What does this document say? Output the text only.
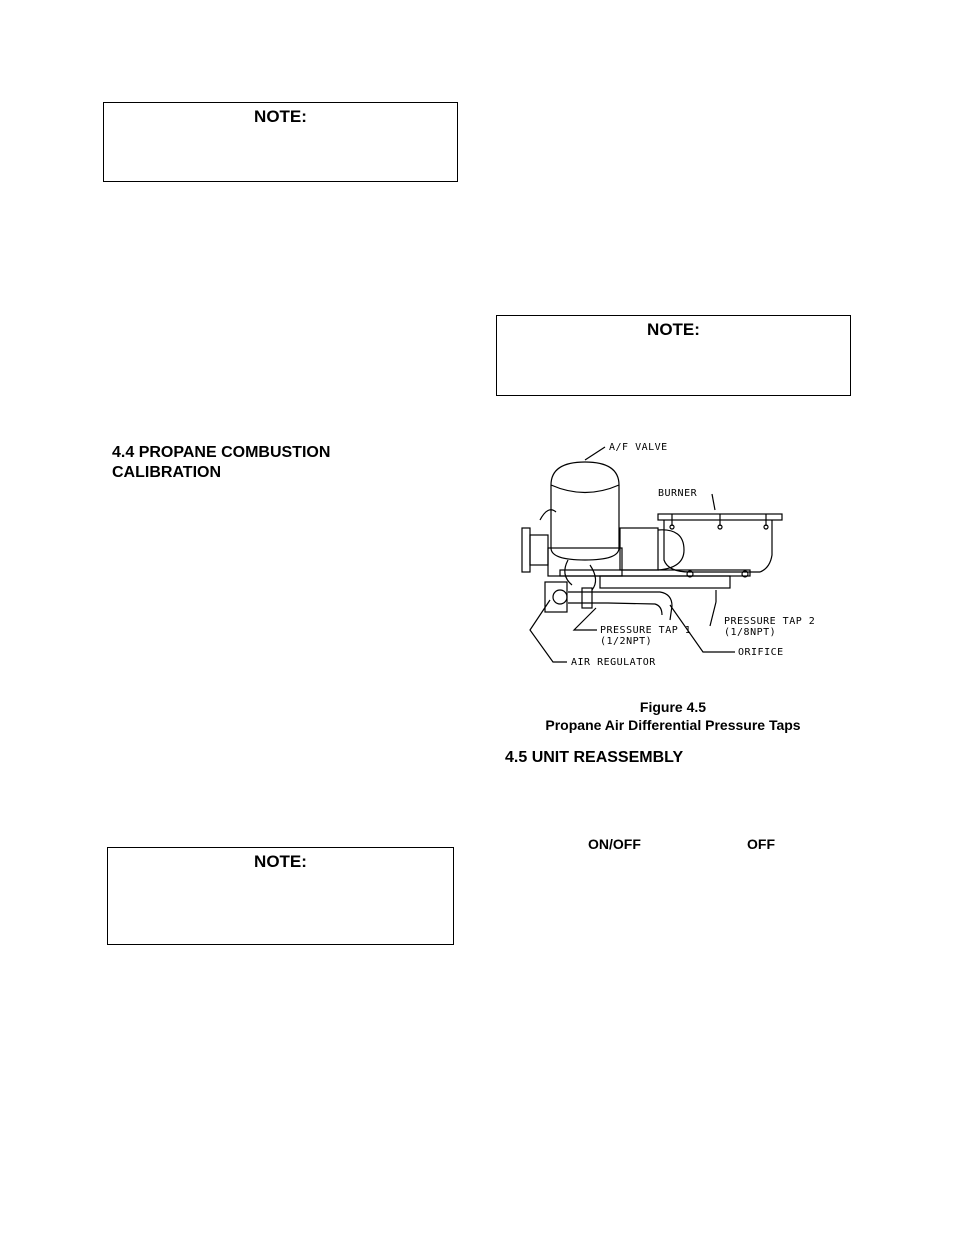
NOTE:
NOTE:
4.4 PROPANE COMBUSTION
CALIBRATION
A/F VALVE
BURNER
PRESSURE TAP 2
(1/8NPT)
PRESSURE TAP 1
(1/2NPT)
ORIFICE
AIR REGULATOR
Figure 4.5
Propane Air Differential Pressure Taps
4.5 UNIT REASSEMBLY
ON/OFF	OFF
NOTE:
